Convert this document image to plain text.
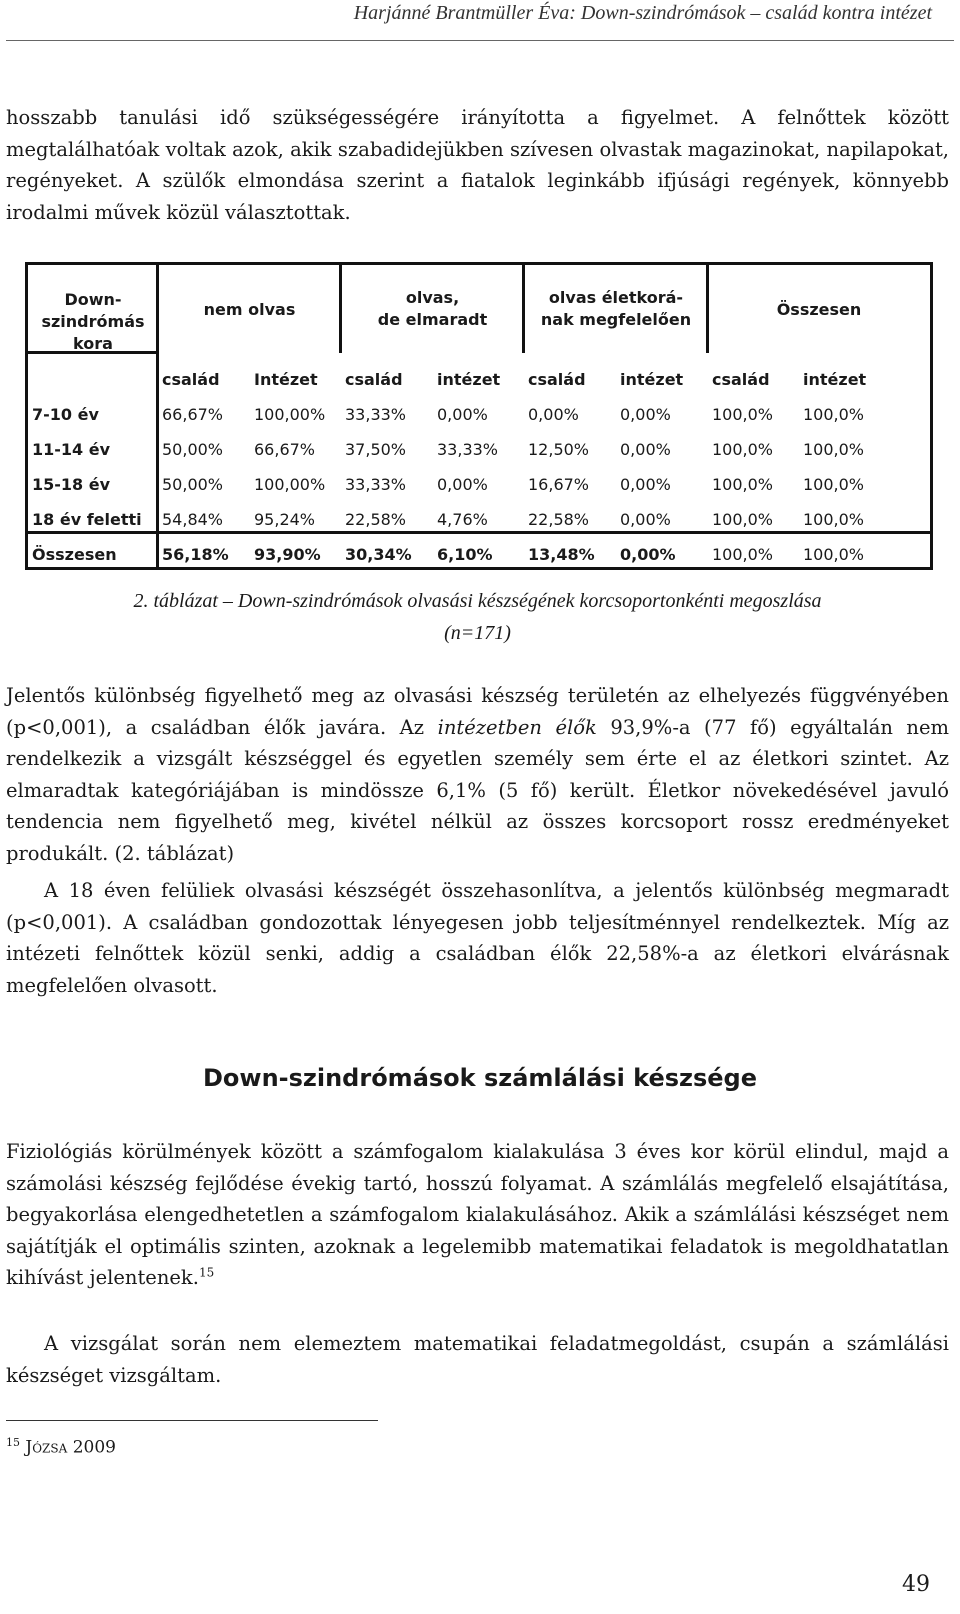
Harjánné Brantmüller Éva: Down-szindrómások – család kontra intézet

hosszabb tanulási idő szükségességére irányította a figyelmet. A felnőttek között megtalálhatóak voltak azok, akik szabadidejükben szívesen olvastak magazinokat, napilapokat, regényeket. A szülők elmondása szerint a fiatalok leginkább ifjúsági regények, könnyebb irodalmi művek közül választottak.

Down-
szindrómás
kora
nem olvas
olvas,
de elmaradt
olvas életkorá-
nak megfelelően
Összesen
család Intézet család intézet család intézet család intézet
7-10 év	66,67% 100,00% 33,33% 0,00%	0,00%	0,00%	100,0% 100,0%
11-14 év	50,00% 66,67% 37,50% 33,33% 12,50% 0,00%	100,0% 100,0%
15-18 év	50,00% 100,00% 33,33% 0,00%	16,67% 0,00%	100,0% 100,0%
18 év feletti 54,84% 95,24% 22,58% 4,76%	22,58% 0,00%	100,0% 100,0%
Összesen	56,18% 93,90% 30,34% 6,10% 13,48% 0,00% 100,0% 100,0%
2. táblázat – Down-szindrómások olvasási készségének korcsoportonkénti megoszlása
(n=171)

Jelentős különbség figyelhető meg az olvasási készség területén az elhelyezés függvényében (p<0,001), a családban élők javára. Az intézetben élők 93,9%-a (77 fő) egyáltalán nem rendelkezik a vizsgált készséggel és egyetlen személy sem érte el az életkori szintet. Az elmaradtak kategóriájában is mindössze 6,1% (5 fő) került. Életkor növekedésével javuló tendencia nem figyelhető meg, kivétel nélkül az összes korcsoport rossz eredményeket produkált. (2. táblázat)

A 18 éven felüliek olvasási készségét összehasonlítva, a jelentős különbség megmaradt (p<0,001). A családban gondozottak lényegesen jobb teljesítménnyel rendelkeztek. Míg az intézeti felnőttek közül senki, addig a családban élők 22,58%-a az életkori elvárásnak megfelelően olvasott.

Down-szindrómások számlálási készsége

Fiziológiás körülmények között a számfogalom kialakulása 3 éves kor körül elindul, majd a számolási készség fejlődése évekig tartó, hosszú folyamat. A számlálás megfelelő elsajátítása, begyakorlása elengedhetetlen a számfogalom kialakulásához. Akik a számlálási készséget nem sajátítják el optimális szinten, azoknak a legelemibb matematikai feladatok is megoldhatatlan kihívást jelentenek.$^{15}$

A vizsgálat során nem elemeztem matematikai feladatmegoldást, csupán a számlálási készséget vizsgáltam.

$^{15}$ Józsa 2009
49
